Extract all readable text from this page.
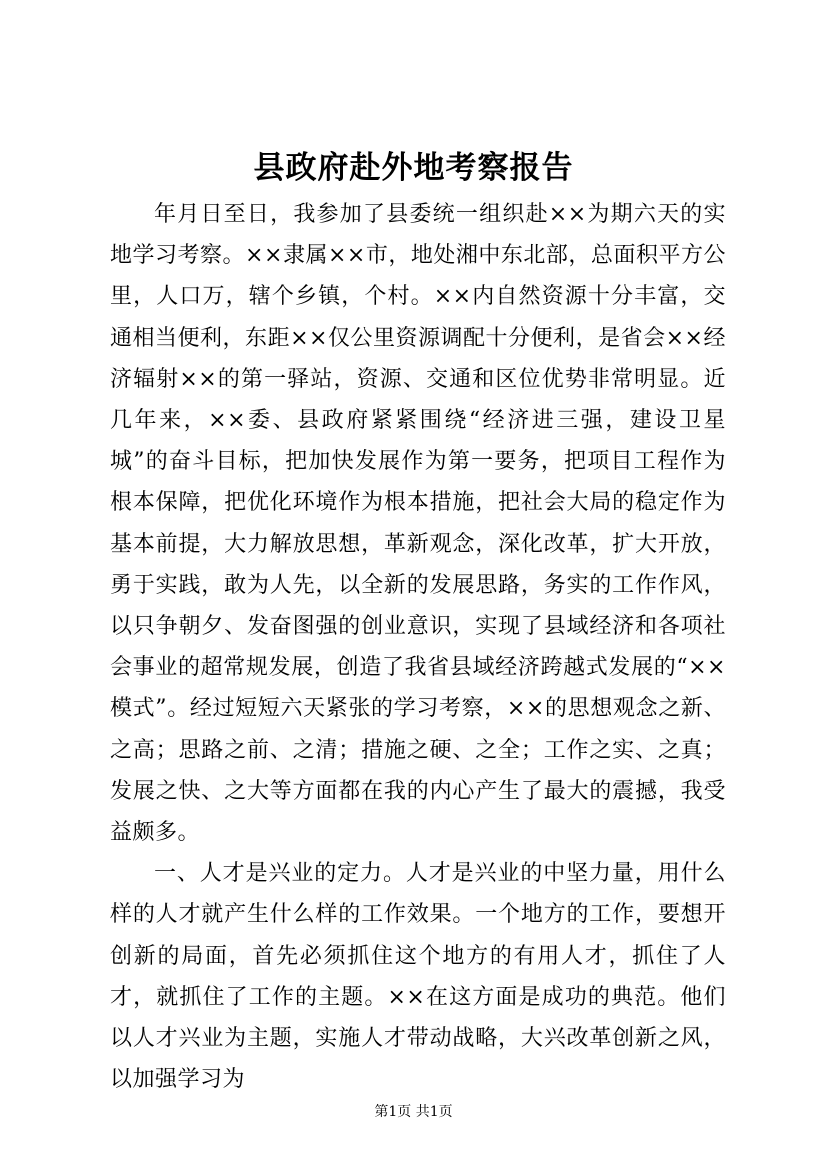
县政府赴外地考察报告

年月日至日，我参加了县委统一组织赴××为期六天的实地学习考察。××隶属××市，地处湘中东北部，总面积平方公里，人口万，辖个乡镇，个村。××内自然资源十分丰富，交通相当便利，东距××仅公里资源调配十分便利，是省会××经济辐射××的第一驿站，资源、交通和区位优势非常明显。近几年来，××委、县政府紧紧围绕“经济进三强，建设卫星城”的奋斗目标，把加快发展作为第一要务，把项目工程作为根本保障，把优化环境作为根本措施，把社会大局的稳定作为基本前提，大力解放思想，革新观念，深化改革，扩大开放，勇于实践，敢为人先，以全新的发展思路，务实的工作作风，以只争朝夕、发奋图强的创业意识，实现了县域经济和各项社会事业的超常规发展，创造了我省县域经济跨越式发展的“××模式”。经过短短六天紧张的学习考察，××的思想观念之新、之高；思路之前、之清；措施之硬、之全；工作之实、之真；发展之快、之大等方面都在我的内心产生了最大的震撼，我受益颇多。

一、人才是兴业的定力。人才是兴业的中坚力量，用什么样的人才就产生什么样的工作效果。一个地方的工作，要想开创新的局面，首先必须抓住这个地方的有用人才，抓住了人才，就抓住了工作的主题。××在这方面是成功的典范。他们以人才兴业为主题，实施人才带动战略，大兴改革创新之风，以加强学习为

第1页 共1页
